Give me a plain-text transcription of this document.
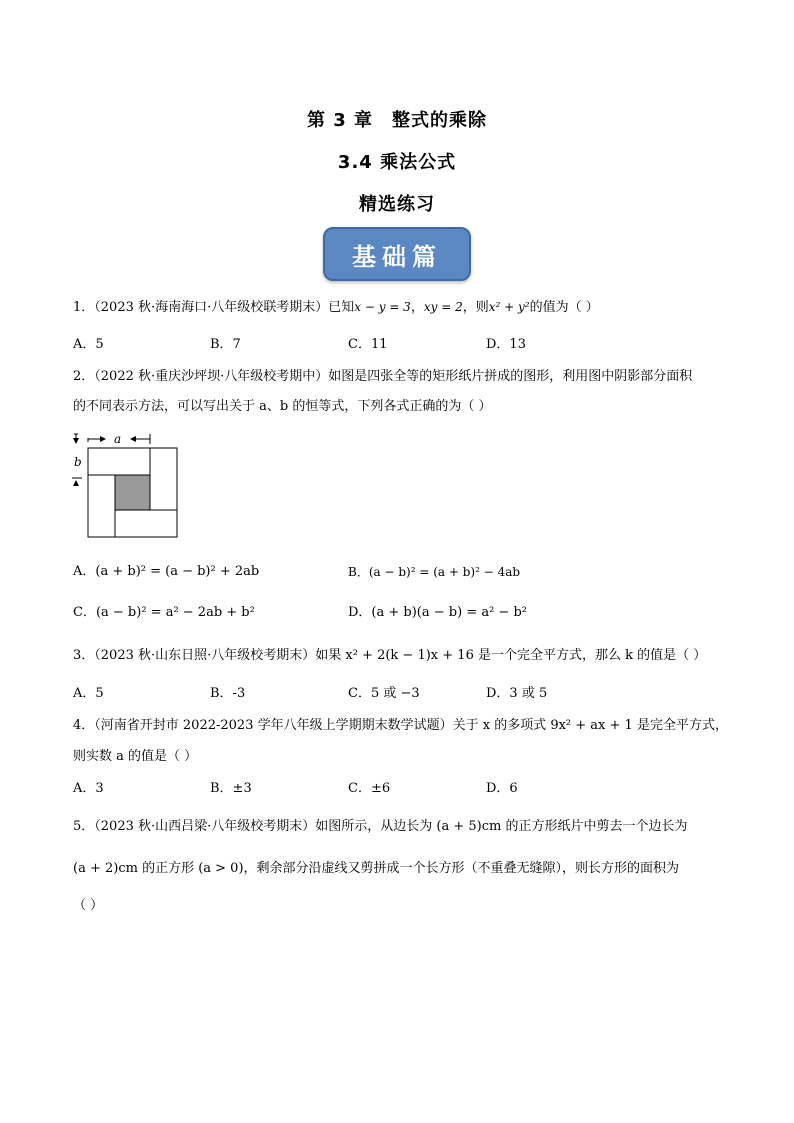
第 3 章　整式的乘除
3.4 乘法公式
精选练习
基础篇
1．（2023 秋·海南海口·八年级校联考期末）已知x − y = 3，xy = 2，则x² + y²的值为（ ）
A．5	B．7	C．11	D．13
2．（2022 秋·重庆沙坪坝·八年级校考期中）如图是四张全等的矩形纸片拼成的图形，利用图中阴影部分面积
的不同表示方法，可以写出关于 a、b 的恒等式，下列各式正确的为（ ）
a
b
A．(a + b)² = (a − b)² + 2ab	B．(a − b)² = (a + b)² − 4ab
C．(a − b)² = a² − 2ab + b²	D．(a + b)(a − b) = a² − b²
3．（2023 秋·山东日照·八年级校考期末）如果 x² + 2(k − 1)x + 16 是一个完全平方式，那么 k 的值是（ ）
A．5	B．-3	C．5 或 −3	D．3 或 5
4．（河南省开封市 2022-2023 学年八年级上学期期末数学试题）关于 x 的多项式 9x² + ax + 1 是完全平方式，
则实数 a 的值是（ ）
A．3	B．±3	C．±6	D．6
5．（2023 秋·山西吕梁·八年级校考期末）如图所示，从边长为 (a + 5)cm 的正方形纸片中剪去一个边长为
(a + 2)cm 的正方形 (a > 0)，剩余部分沿虚线又剪拼成一个长方形（不重叠无缝隙），则长方形的面积为
（ ）
